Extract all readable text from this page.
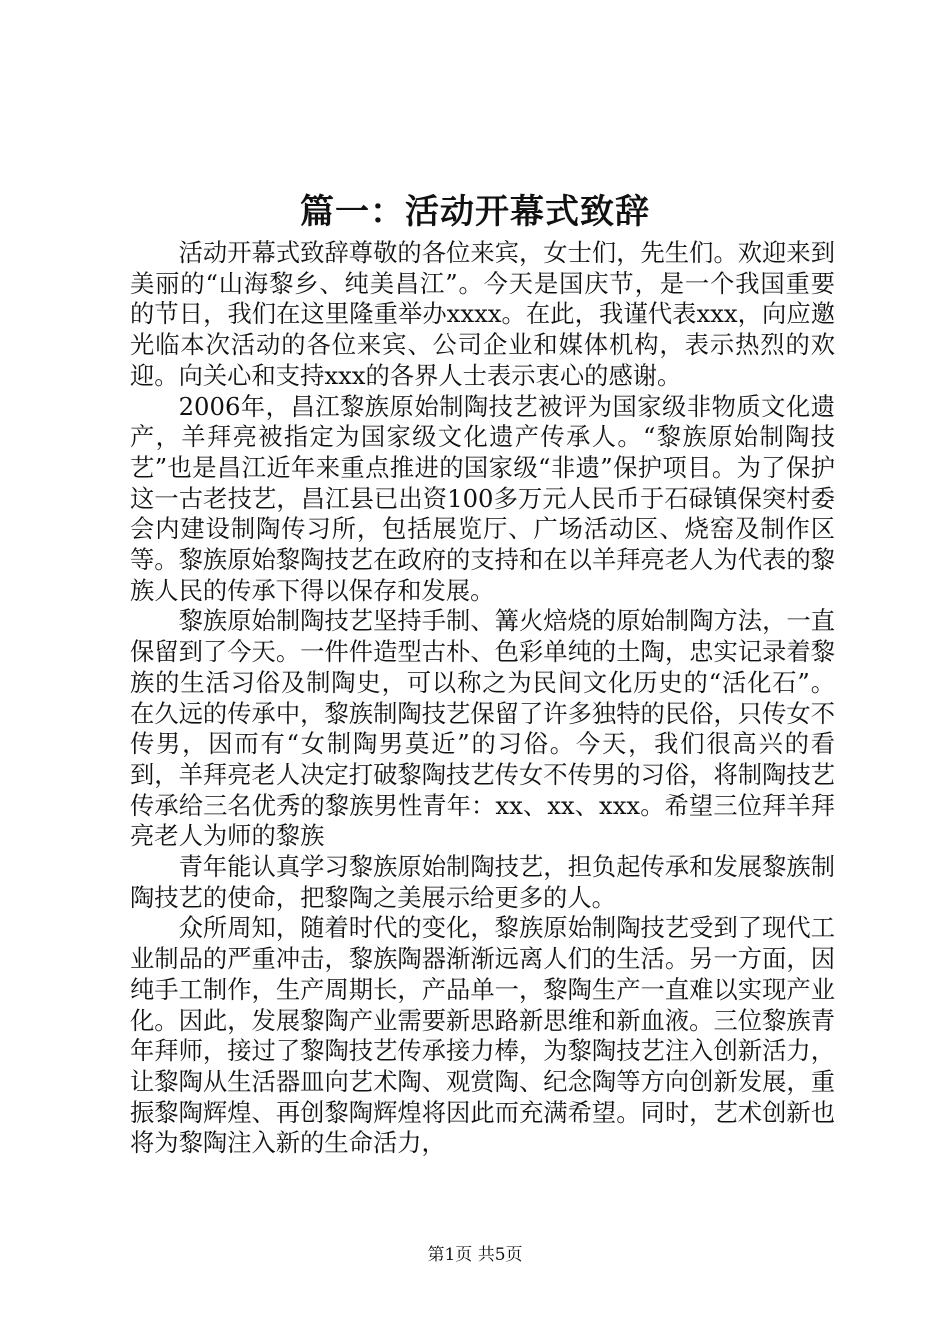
篇一：活动开幕式致辞

活动开幕式致辞尊敬的各位来宾，女士们，先生们。欢迎来到美丽的“山海黎乡、纯美昌江”。今天是国庆节，是一个我国重要的节日，我们在这里隆重举办xxxx。在此，我谨代表xxx，向应邀光临本次活动的各位来宾、公司企业和媒体机构，表示热烈的欢迎。向关心和支持xxx的各界人士表示衷心的感谢。

2006年，昌江黎族原始制陶技艺被评为国家级非物质文化遗产，羊拜亮被指定为国家级文化遗产传承人。“黎族原始制陶技艺”也是昌江近年来重点推进的国家级“非遗”保护项目。为了保护这一古老技艺，昌江县已出资100多万元人民币于石碌镇保突村委会内建设制陶传习所，包括展览厅、广场活动区、烧窑及制作区等。黎族原始黎陶技艺在政府的支持和在以羊拜亮老人为代表的黎族人民的传承下得以保存和发展。

黎族原始制陶技艺坚持手制、篝火焙烧的原始制陶方法，一直保留到了今天。一件件造型古朴、色彩单纯的土陶，忠实记录着黎族的生活习俗及制陶史，可以称之为民间文化历史的“活化石”。在久远的传承中，黎族制陶技艺保留了许多独特的民俗，只传女不传男，因而有“女制陶男莫近”的习俗。今天，我们很高兴的看到，羊拜亮老人决定打破黎陶技艺传女不传男的习俗，将制陶技艺传承给三名优秀的黎族男性青年：xx、xx、xxx。希望三位拜羊拜亮老人为师的黎族

青年能认真学习黎族原始制陶技艺，担负起传承和发展黎族制陶技艺的使命，把黎陶之美展示给更多的人。

众所周知，随着时代的变化，黎族原始制陶技艺受到了现代工业制品的严重冲击，黎族陶器渐渐远离人们的生活。另一方面，因纯手工制作，生产周期长，产品单一，黎陶生产一直难以实现产业化。因此，发展黎陶产业需要新思路新思维和新血液。三位黎族青年拜师，接过了黎陶技艺传承接力棒，为黎陶技艺注入创新活力，让黎陶从生活器皿向艺术陶、观赏陶、纪念陶等方向创新发展，重振黎陶辉煌、再创黎陶辉煌将因此而充满希望。同时，艺术创新也将为黎陶注入新的生命活力，

第1页 共5页
